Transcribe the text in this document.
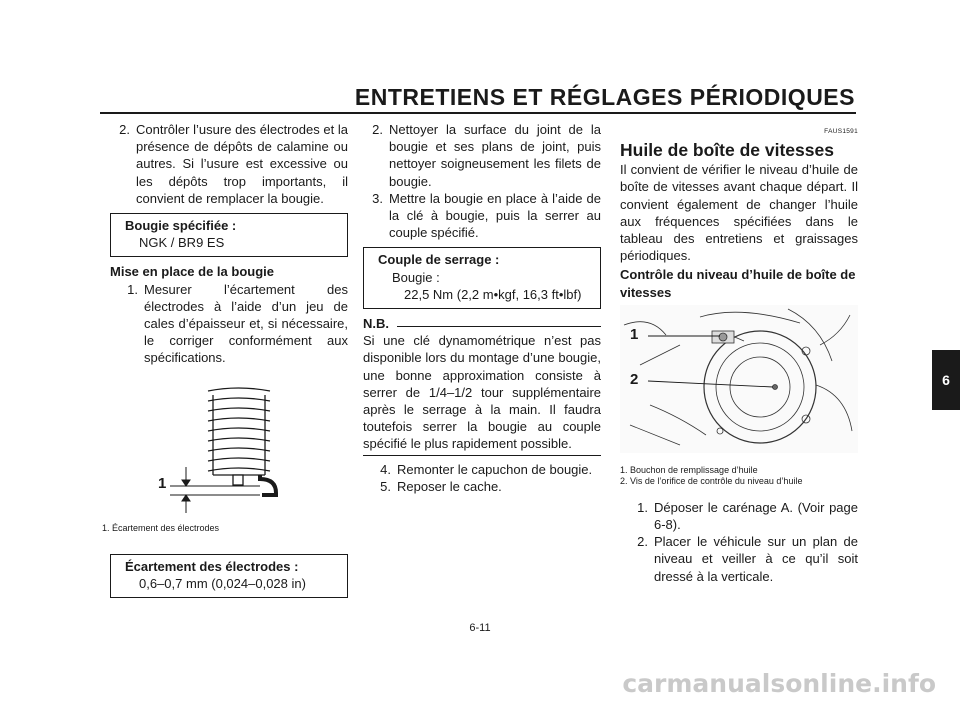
ENTRETIENS ET RÉGLAGES PÉRIODIQUES
2. Contrôler l’usure des électrodes et la présence de dépôts de calamine ou autres. Si l’usure est excessive ou les dépôts trop importants, il convient de remplacer la bougie.
Bougie spécifiée :
NGK / BR9 ES
Mise en place de la bougie
1. Mesurer l’écartement des électrodes à l’aide d’un jeu de cales d’épaisseur et, si nécessaire, le corriger conformément aux spécifications.
1
1. Écartement des électrodes
Écartement des électrodes :
0,6–0,7 mm (0,024–0,028 in)
2. Nettoyer la surface du joint de la bougie et ses plans de joint, puis nettoyer soigneusement les filets de bougie.
3. Mettre la bougie en place à l’aide de la clé à bougie, puis la serrer au couple spécifié.
Couple de serrage :
Bougie :
22,5 Nm (2,2 m•kgf, 16,3 ft•lbf)
N.B.
Si une clé dynamométrique n’est pas disponible lors du montage d’une bougie, une bonne approximation consiste à serrer de 1/4–1/2 tour supplémentaire après le serrage à la main. Il faudra toutefois serrer la bougie au couple spécifié le plus rapidement possible.
4. Remonter le capuchon de bougie.
5. Reposer le cache.
FAUS1591
Huile de boîte de vitesses
Il convient de vérifier le niveau d’huile de boîte de vitesses avant chaque départ. Il convient également de changer l’huile aux fréquences spécifiées dans le tableau des entretiens et graissages périodiques.
Contrôle du niveau d’huile de boîte de vitesses
1
2
1. Bouchon de remplissage d’huile
2. Vis de l’orifice de contrôle du niveau d’huile
1. Déposer le carénage A. (Voir page 6-8).
2. Placer le véhicule sur un plan de niveau et veiller à ce qu’il soit dressé à la verticale.
6
6-11
carmanualsonline.info
